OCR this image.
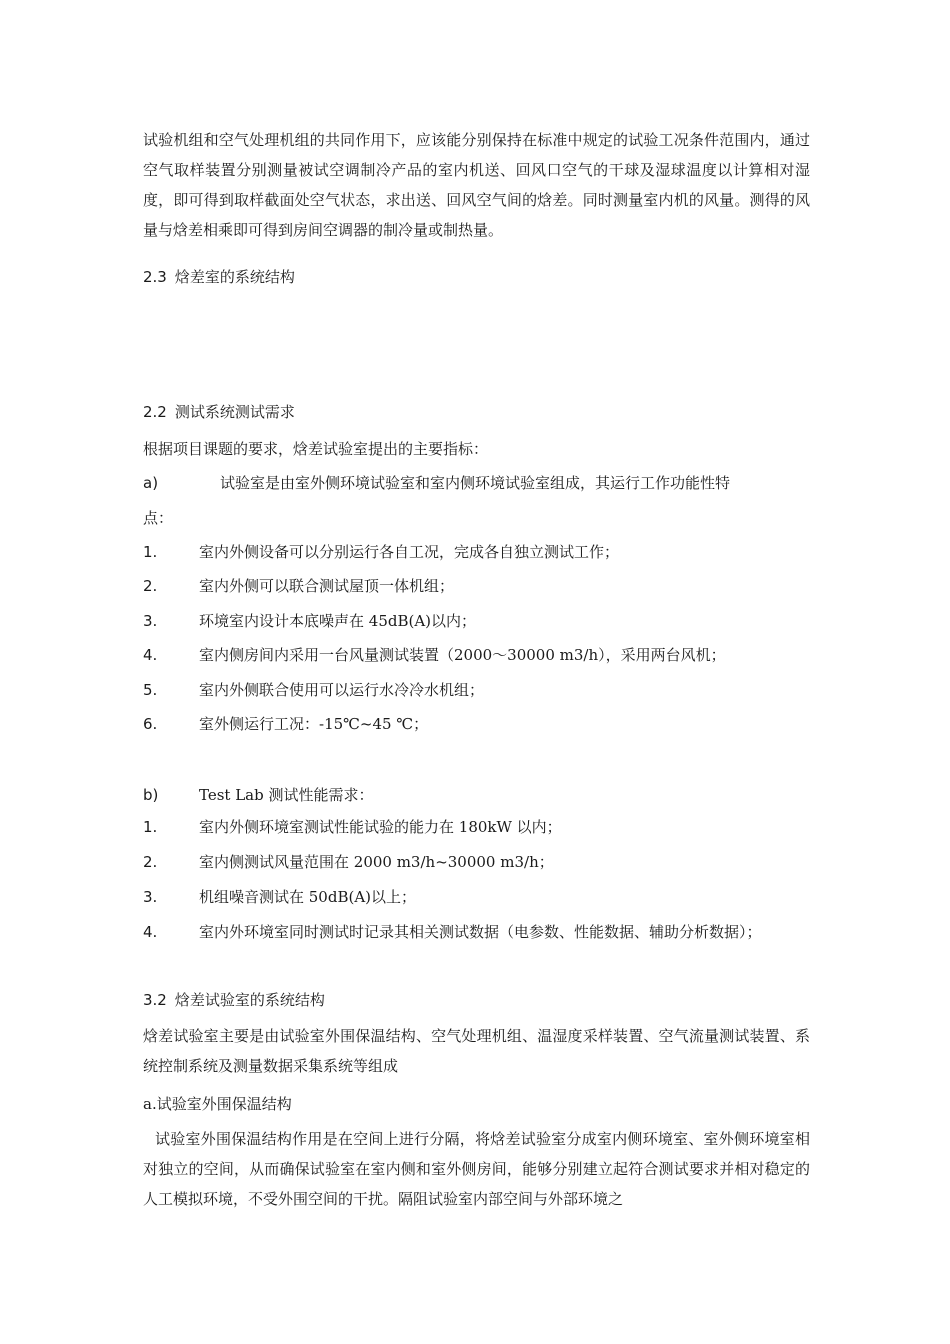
试验机组和空气处理机组的共同作用下，应该能分别保持在标准中规定的试验工况条件范围内，通过空气取样装置分别测量被试空调制冷产品的室内机送、回风口空气的干球及湿球温度以计算相对湿度，即可得到取样截面处空气状态，求出送、回风空气间的焓差。同时测量室内机的风量。测得的风量与焓差相乘即可得到房间空调器的制冷量或制热量。

2.3 焓差室的系统结构
2.2 测试系统测试需求
根据项目课题的要求，焓差试验室提出的主要指标：
a)	试验室是由室外侧环境试验室和室内侧环境试验室组成，其运行工作功能性特
点：
1.	室内外侧设备可以分别运行各自工况，完成各自独立测试工作；
2.	室内外侧可以联合测试屋顶一体机组；
3.	环境室内设计本底噪声在 45dB(A)以内；
4.	室内侧房间内采用一台风量测试装置（2000～30000 m3/h），采用两台风机；
5.	室内外侧联合使用可以运行水冷冷水机组；
6.	室外侧运行工况：-15℃~45 ℃；
b)	Test Lab 测试性能需求：
1.	室内外侧环境室测试性能试验的能力在 180kW 以内；
2.	室内侧测试风量范围在 2000 m3/h~30000 m3/h；
3.	机组噪音测试在 50dB(A)以上；
4.	室内外环境室同时测试时记录其相关测试数据（电参数、性能数据、辅助分析数据）；
3.2 焓差试验室的系统结构

焓差试验室主要是由试验室外围保温结构、空气处理机组、温湿度采样装置、空气流量测试装置、系统控制系统及测量数据采集系统等组成

a.试验室外围保温结构

试验室外围保温结构作用是在空间上进行分隔，将焓差试验室分成室内侧环境室、室外侧环境室相对独立的空间，从而确保试验室在室内侧和室外侧房间，能够分别建立起符合测试要求并相对稳定的人工模拟环境，不受外围空间的干扰。隔阻试验室内部空间与外部环境之
